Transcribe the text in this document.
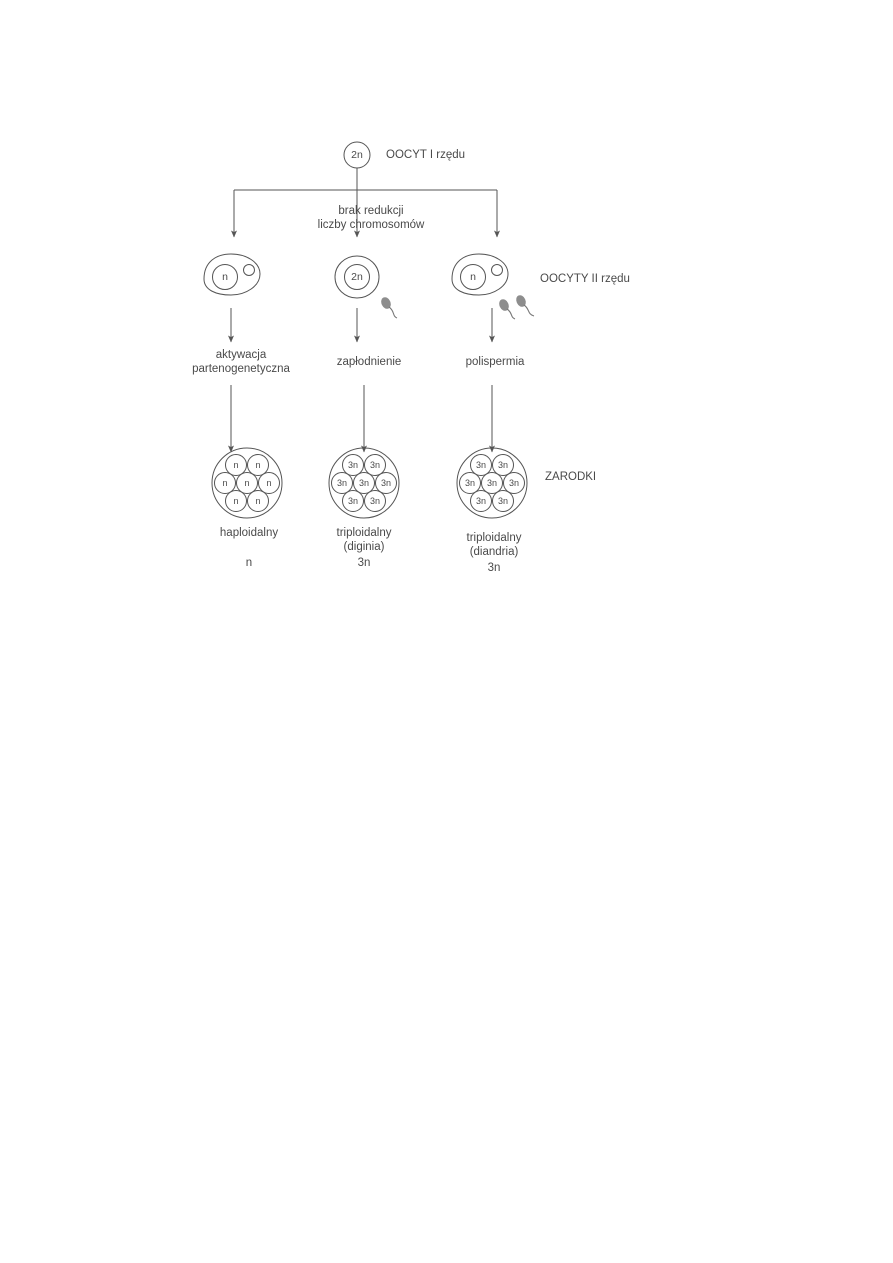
2n OOCYT I rzędu
brak redukcji
liczby chromosomów
n	2n	n	OOCYTY II rzędu
aktywacja
partenogenetyczna
zapłodnienie	polispermia
n n
n n n
n n
3n 3n
3n 3n 3n
3n 3n
3n 3n
3n 3n 3n
3n 3n
ZARODKI
haploidalny
n
triploidalny
(diginia)
3n
triploidalny
(diandria)
3n
